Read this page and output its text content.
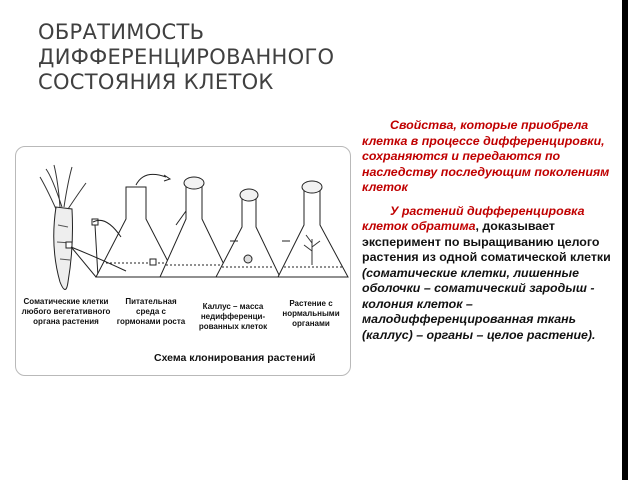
ОБРАТИМОСТЬ
ДИФФЕРЕНЦИРОВАННОГО
СОСТОЯНИЯ КЛЕТОК
Соматические клетки любого вегетативного органа растения
Питательная среда с гормонами роста
Каллус – масса недифференци-рованных клеток
Растение с нормальными органами
Схема клонирования растений

Свойства, которые приобрела клетка в процессе дифференцировки, сохраняются и передаются по наследству последующим поколениям клеток

У растений дифференцировка клеток обратима, доказывает эксперимент по выращиванию целого растения из одной соматической клетки (соматические клетки, лишенные оболочки – соматический зародыш - колония клеток – малодифференцированная ткань (каллус) – органы – целое растение).
